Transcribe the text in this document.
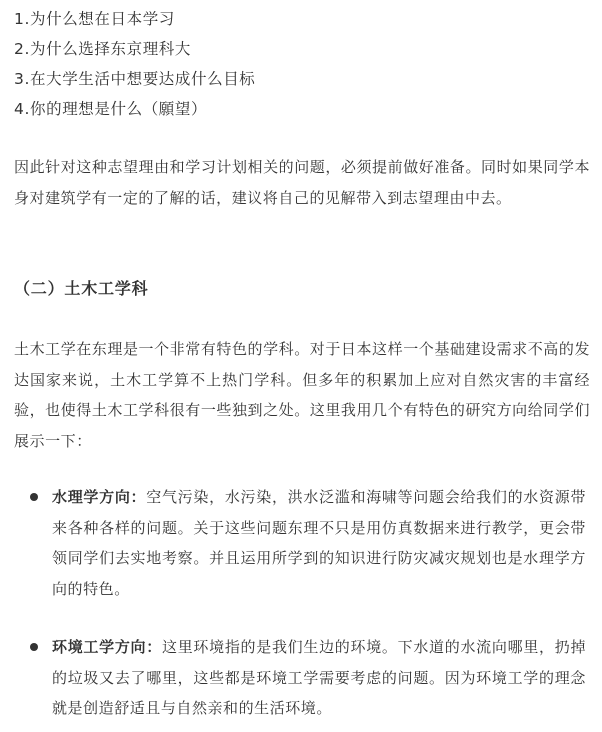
1.为什么想在日本学习
2.为什么选择东京理科大
3.在大学生活中想要达成什么目标
4.你的理想是什么（願望）

因此针对这种志望理由和学习计划相关的问题，必须提前做好准备。同时如果同学本身对建筑学有一定的了解的话，建议将自己的见解带入到志望理由中去。

（二）土木工学科

土木工学在东理是一个非常有特色的学科。对于日本这样一个基础建设需求不高的发达国家来说，土木工学算不上热门学科。但多年的积累加上应对自然灾害的丰富经验，也使得土木工学科很有一些独到之处。这里我用几个有特色的研究方向给同学们展示一下：

水理学方向：空气污染，水污染，洪水泛滥和海啸等问题会给我们的水资源带来各种各样的问题。关于这些问题东理不只是用仿真数据来进行教学，更会带领同学们去实地考察。并且运用所学到的知识进行防灾减灾规划也是水理学方向的特色。

环境工学方向：这里环境指的是我们生边的环境。下水道的水流向哪里，扔掉的垃圾又去了哪里，这些都是环境工学需要考虑的问题。因为环境工学的理念就是创造舒适且与自然亲和的生活环境。
